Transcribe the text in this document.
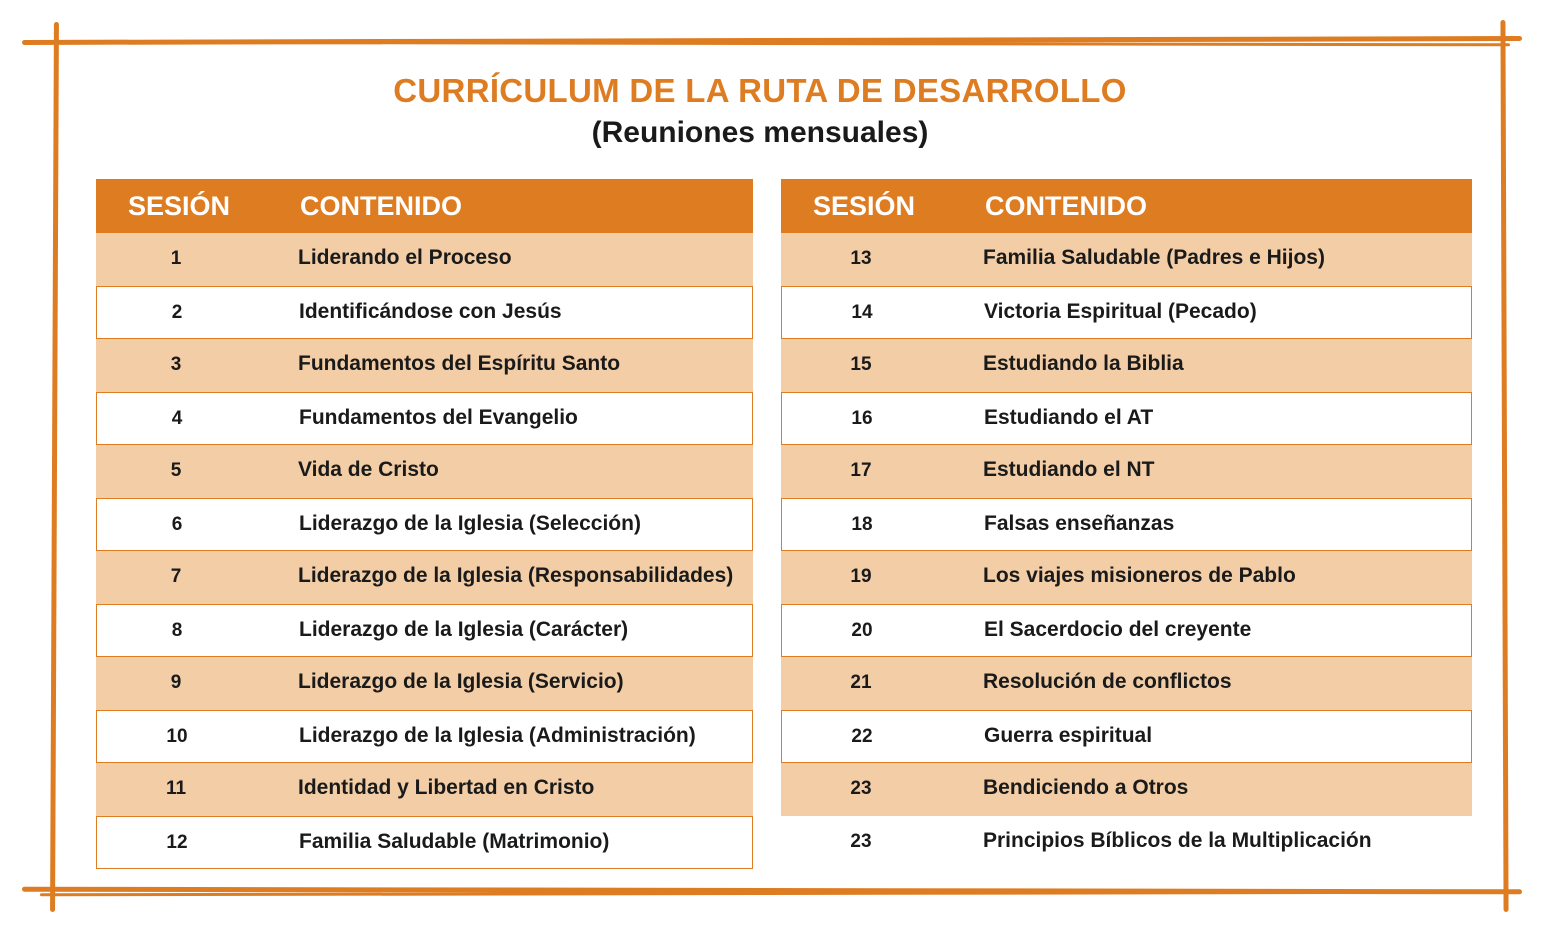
CURRÍCULUM DE LA RUTA DE DESARROLLO
(Reuniones mensuales)
SESIÓN	CONTENIDO
1	Liderando el Proceso
2	Identificándose con Jesús
3	Fundamentos del Espíritu Santo
4	Fundamentos del Evangelio
5	Vida de Cristo
6	Liderazgo de la Iglesia (Selección)
7	Liderazgo de la Iglesia (Responsabilidades)
8	Liderazgo de la Iglesia (Carácter)
9	Liderazgo de la Iglesia (Servicio)
10	Liderazgo de la Iglesia (Administración)
11	Identidad y Libertad en Cristo
12	Familia Saludable (Matrimonio)
SESIÓN	CONTENIDO
13	Familia Saludable (Padres e Hijos)
14	Victoria Espiritual (Pecado)
15	Estudiando la Biblia
16	Estudiando el AT
17	Estudiando el NT
18	Falsas enseñanzas
19	Los viajes misioneros de Pablo
20	El Sacerdocio del creyente
21	Resolución de conflictos
22	Guerra espiritual
23	Bendiciendo a Otros
23	Principios Bíblicos de la Multiplicación
